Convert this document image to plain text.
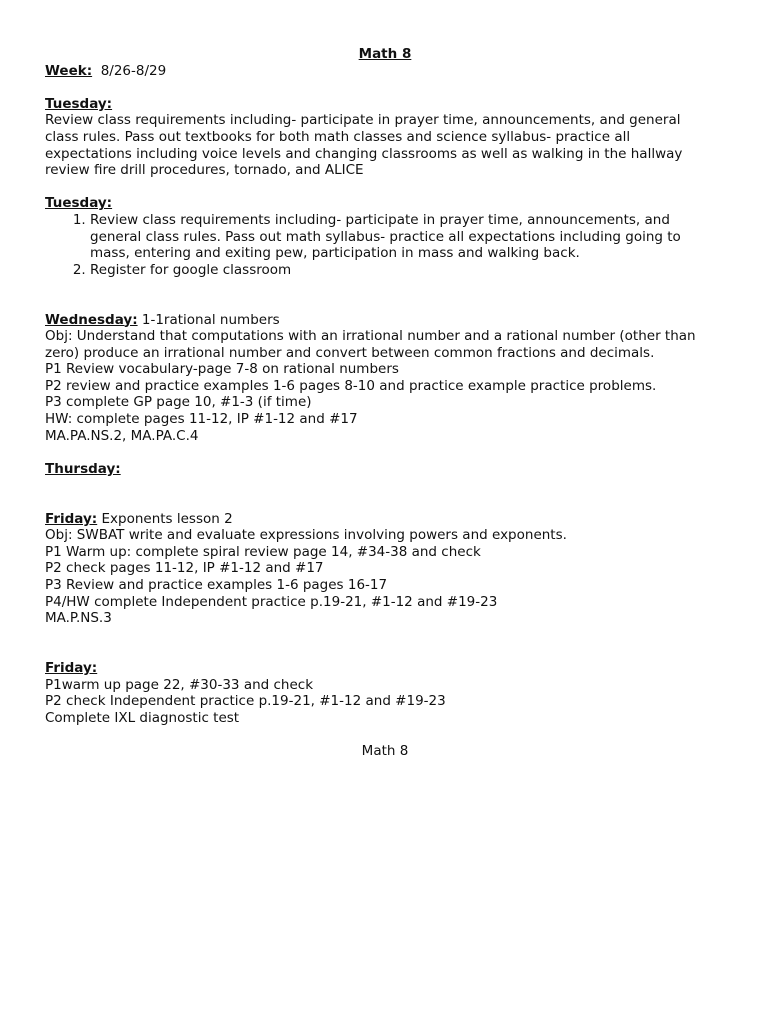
Math 8

Week: 8/26-8/29

Tuesday:

Review class requirements including- participate in prayer time, announcements, and general

class rules. Pass out textbooks for both math classes and science syllabus- practice all

expectations including voice levels and changing classrooms as well as walking in the hallway

review fire drill procedures, tornado, and ALICE

Tuesday:

1. Review class requirements including- participate in prayer time, announcements, and
general class rules. Pass out math syllabus- practice all expectations including going to
mass, entering and exiting pew, participation in mass and walking back.
2. Register for google classroom

Wednesday: 1-1rational numbers

Obj: Understand that computations with an irrational number and a rational number (other than

zero) produce an irrational number and convert between common fractions and decimals.

P1 Review vocabulary-page 7-8 on rational numbers

P2 review and practice examples 1-6 pages 8-10 and practice example practice problems.

P3 complete GP page 10, #1-3 (if time)

HW: complete pages 11-12, IP #1-12 and #17

MA.PA.NS.2, MA.PA.C.4

Thursday:

Friday: Exponents lesson 2

Obj: SWBAT write and evaluate expressions involving powers and exponents.

P1 Warm up: complete spiral review page 14, #34-38 and check

P2 check pages 11-12, IP #1-12 and #17

P3 Review and practice examples 1-6 pages 16-17

P4/HW complete Independent practice p.19-21, #1-12 and #19-23

MA.P.NS.3

Friday:

P1warm up page 22, #30-33 and check

P2 check Independent practice p.19-21, #1-12 and #19-23

Complete IXL diagnostic test

Math 8
